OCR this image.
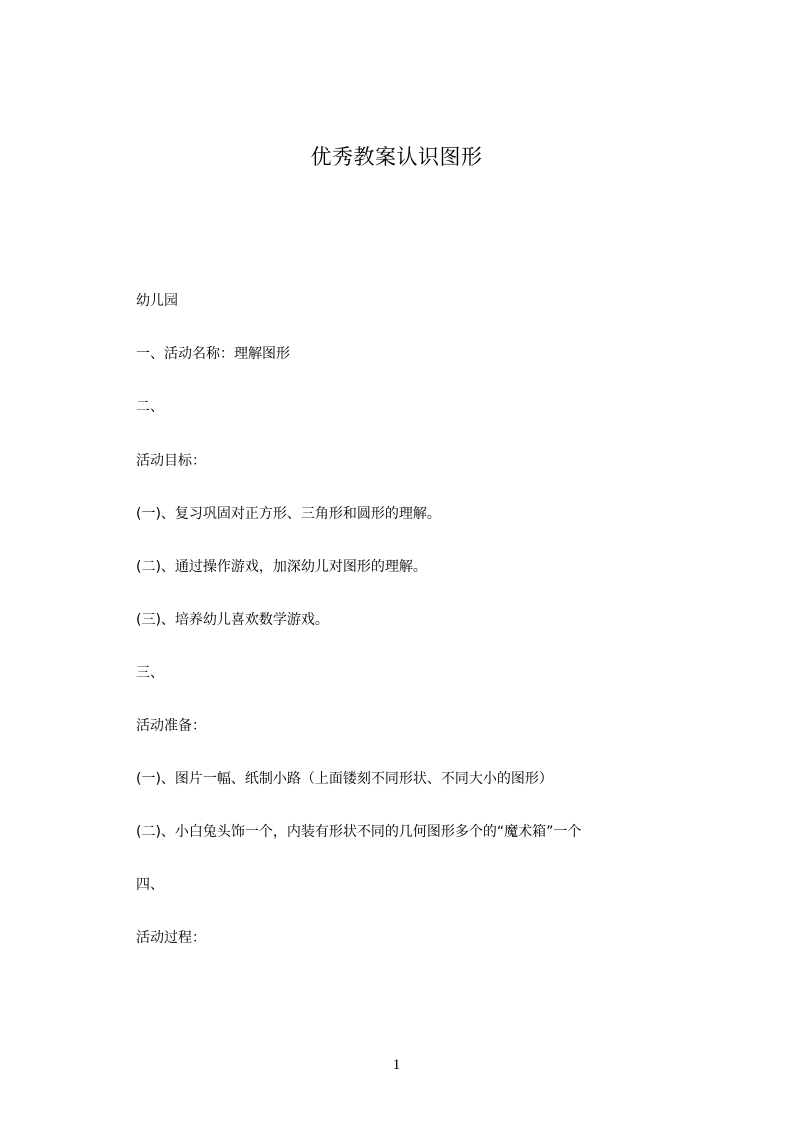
优秀教案认识图形
幼儿园
一、活动名称：理解图形
二、
活动目标：
(一)、复习巩固对正方形、三角形和圆形的理解。
(二)、通过操作游戏，加深幼儿对图形的理解。
(三)、培养幼儿喜欢数学游戏。
三、
活动准备：
(一)、图片一幅、纸制小路（上面镂刻不同形状、不同大小的图形）
(二)、小白兔头饰一个，内装有形状不同的几何图形多个的“魔术箱”一个
四、
活动过程：
1
